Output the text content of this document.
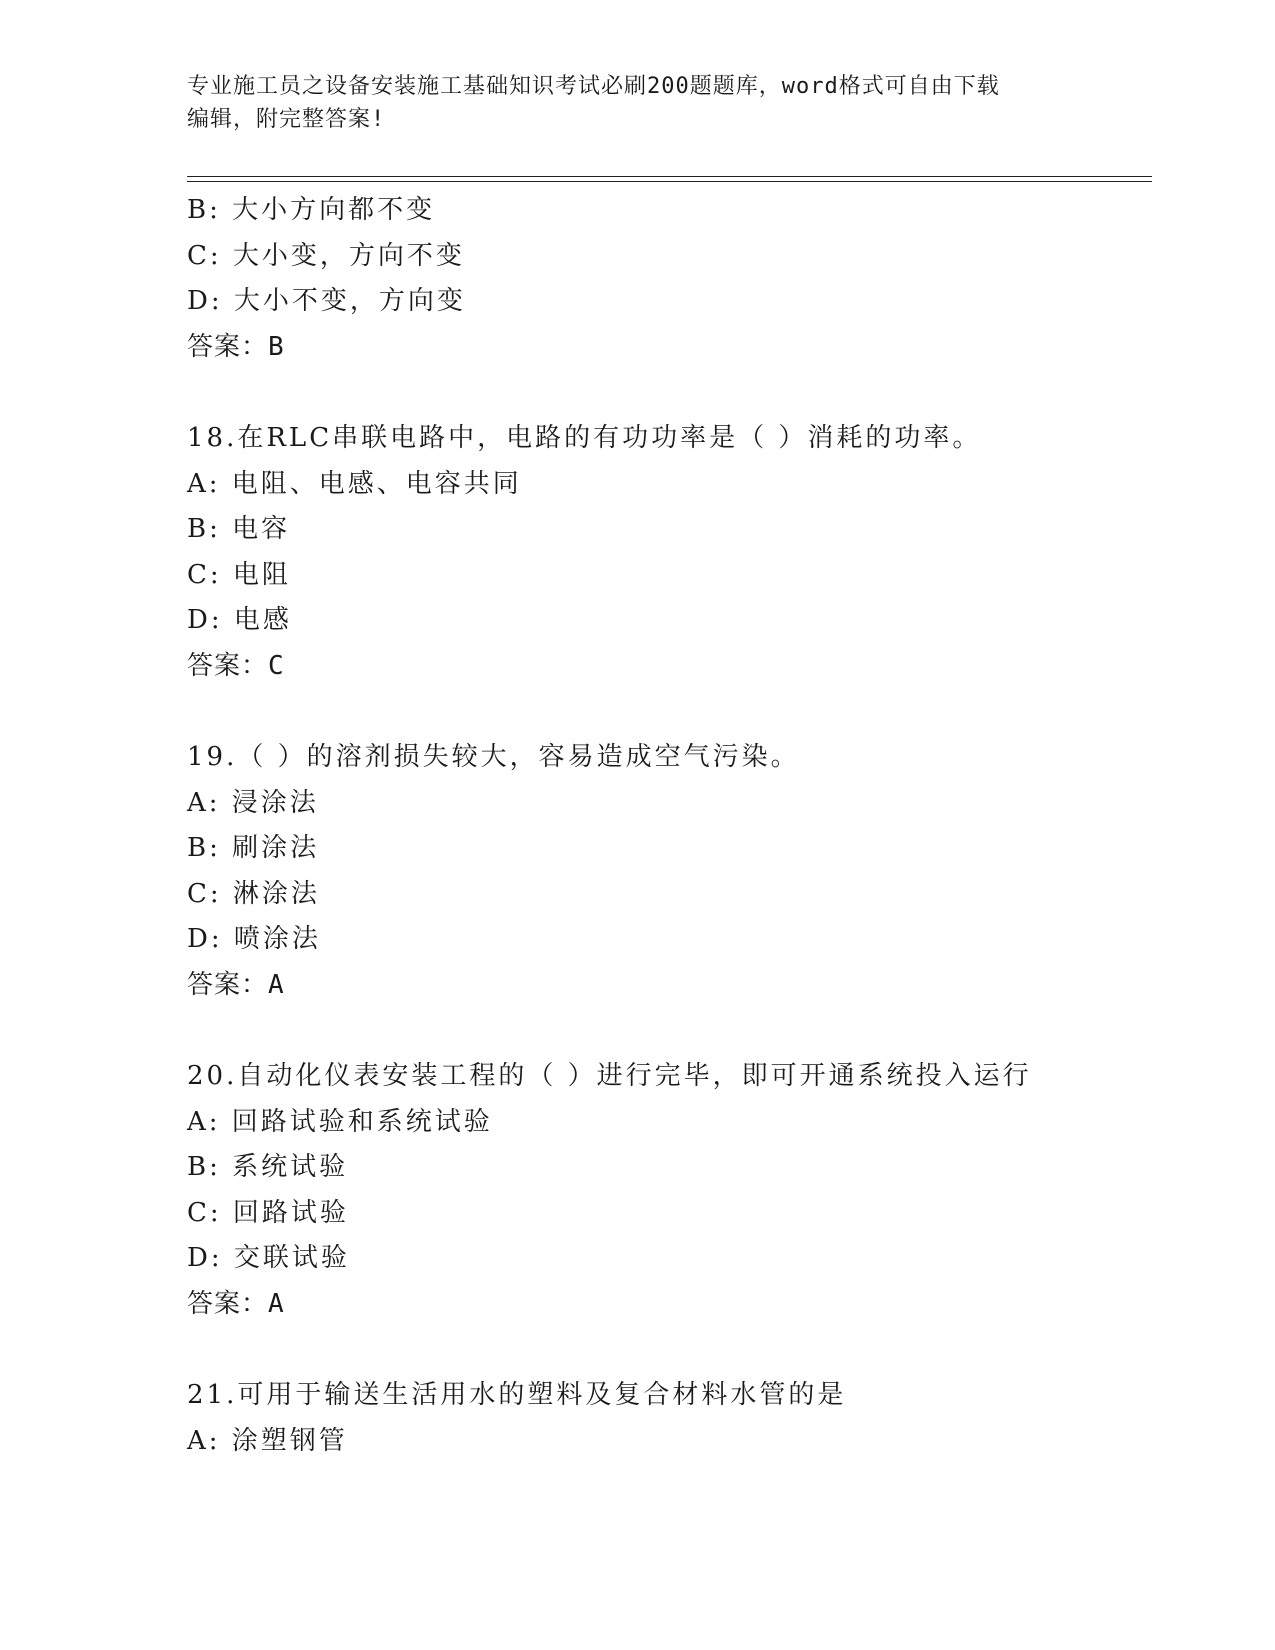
专业施工员之设备安装施工基础知识考试必刷200题题库，word格式可自由下载
编辑，附完整答案!
B: 大小方向都不变
C: 大小变，方向不变
D: 大小不变，方向变
答案：B
18.在RLC串联电路中，电路的有功功率是（ ）消耗的功率。
A: 电阻、电感、电容共同
B: 电容
C: 电阻
D: 电感
答案：C
19.（ ）的溶剂损失较大，容易造成空气污染。
A: 浸涂法
B: 刷涂法
C: 淋涂法
D: 喷涂法
答案：A
20.自动化仪表安装工程的（ ）进行完毕，即可开通系统投入运行
A: 回路试验和系统试验
B: 系统试验
C: 回路试验
D: 交联试验
答案：A
21.可用于输送生活用水的塑料及复合材料水管的是
A: 涂塑钢管
